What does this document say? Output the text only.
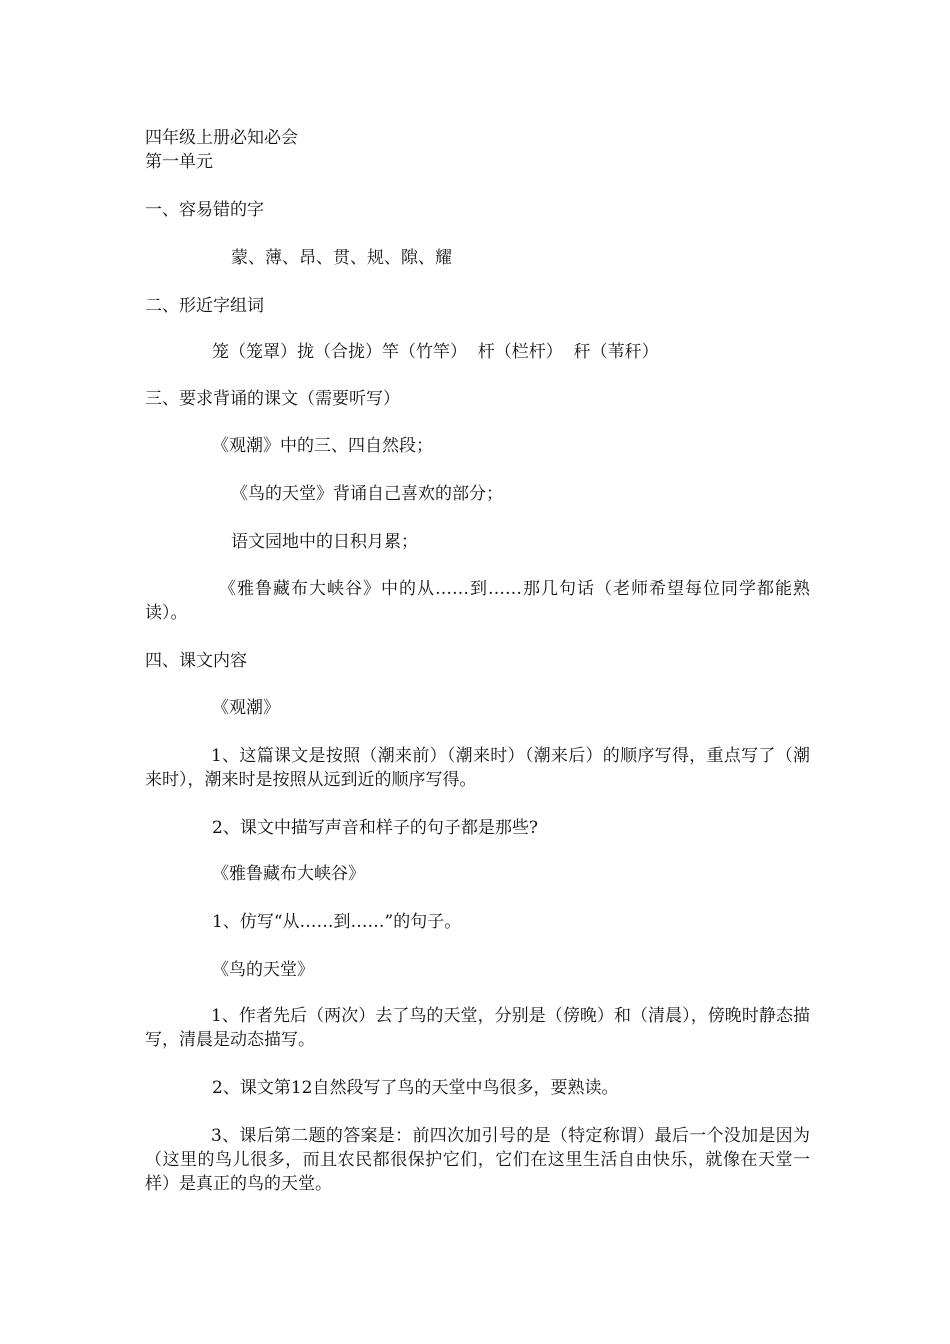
四年级上册必知必会
第一单元
一、容易错的字
蒙、薄、昂、贯、规、隙、耀
二、形近字组词
笼（笼罩）拢（合拢）竿（竹竿）  杆（栏杆）  秆（苇秆）
三、要求背诵的课文（需要听写）
《观潮》中的三、四自然段；
《鸟的天堂》背诵自己喜欢的部分；
语文园地中的日积月累；
《雅鲁藏布大峡谷》中的从……到……那几句话（老师希望每位同学都能熟读）。
四、课文内容
《观潮》
1、这篇课文是按照（潮来前）（潮来时）（潮来后）的顺序写得，重点写了（潮来时），潮来时是按照从远到近的顺序写得。
2、课文中描写声音和样子的句子都是那些?
《雅鲁藏布大峡谷》
1、仿写“从……到……”的句子。
《鸟的天堂》
1、作者先后（两次）去了鸟的天堂，分别是（傍晚）和（清晨），傍晚时静态描写，清晨是动态描写。
2、课文第12自然段写了鸟的天堂中鸟很多，要熟读。
3、课后第二题的答案是：前四次加引号的是（特定称谓）最后一个没加是因为（这里的鸟儿很多，而且农民都很保护它们，它们在这里生活自由快乐，就像在天堂一样）是真正的鸟的天堂。
